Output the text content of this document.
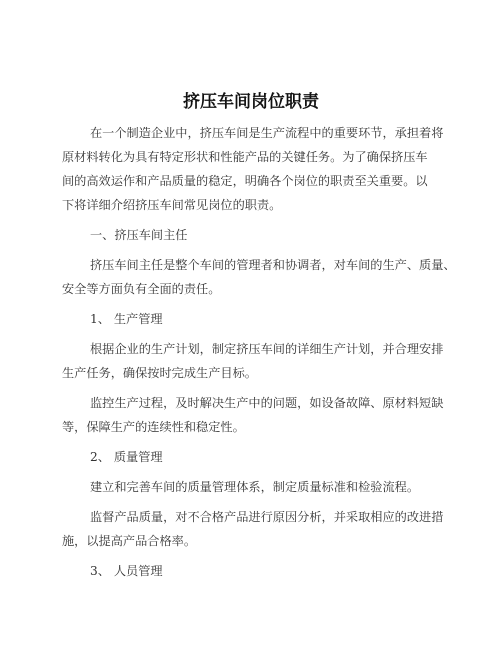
挤压车间岗位职责
在一个制造企业中，挤压车间是生产流程中的重要环节，承担着将
原材料转化为具有特定形状和性能产品的关键任务。为了确保挤压车
间的高效运作和产品质量的稳定，明确各个岗位的职责至关重要。以
下将详细介绍挤压车间常见岗位的职责。
一、挤压车间主任
挤压车间主任是整个车间的管理者和协调者，对车间的生产、质量、
安全等方面负有全面的责任。
1、 生产管理
根据企业的生产计划，制定挤压车间的详细生产计划，并合理安排
生产任务，确保按时完成生产目标。
监控生产过程，及时解决生产中的问题，如设备故障、原材料短缺
等，保障生产的连续性和稳定性。
2、 质量管理
建立和完善车间的质量管理体系，制定质量标准和检验流程。
监督产品质量，对不合格产品进行原因分析，并采取相应的改进措
施，以提高产品合格率。
3、 人员管理
